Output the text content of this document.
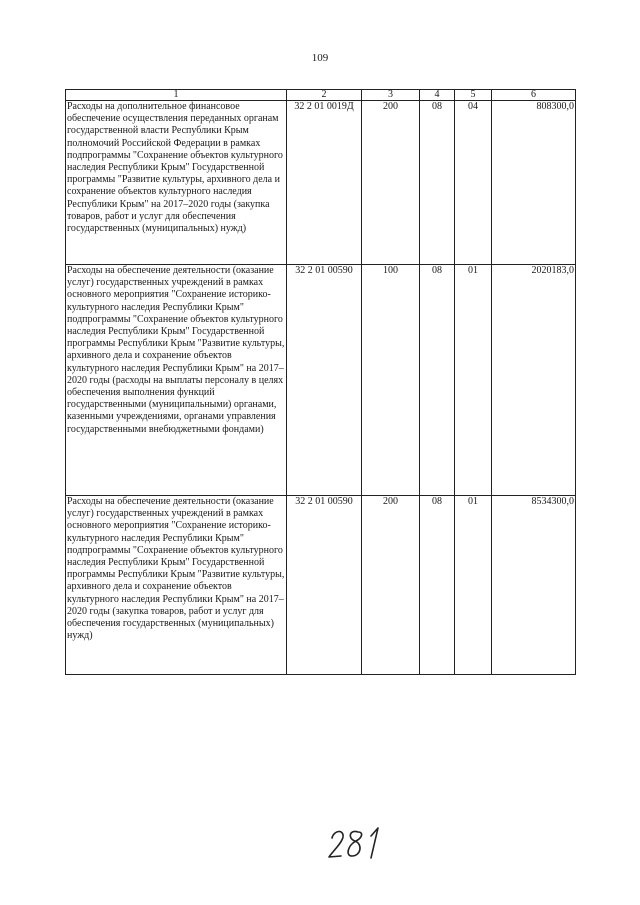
109
1	2	3	4	5	6
Расходы на дополнительное финансовое обеспечение осуществления переданных органам государственной власти Республики Крым полномочий Российской Федерации в рамках подпрограммы "Сохранение объектов культурного наследия Республики Крым" Государственной программы "Развитие культуры, архивного дела и сохранение объектов культурного наследия Республики Крым" на 2017–2020 годы (закупка товаров, работ и услуг для обеспечения государственных (муниципальных) нужд)	32 2 01 0019Д	200	08	04	808300,0
Расходы на обеспечение деятельности (оказание услуг) государственных учреждений в рамках основного мероприятия "Сохранение историко-культурного наследия Республики Крым" подпрограммы "Сохранение объектов культурного наследия Республики Крым" Государственной программы Республики Крым "Развитие культуры, архивного дела и сохранение объектов культурного наследия Республики Крым" на 2017–2020 годы (расходы на выплаты персоналу в целях обеспечения выполнения функций государственными (муниципальными) органами, казенными учреждениями, органами управления государственными внебюджетными фондами)	32 2 01 00590	100	08	01	2020183,0
Расходы на обеспечение деятельности (оказание услуг) государственных учреждений в рамках основного мероприятия "Сохранение историко-культурного наследия Республики Крым" подпрограммы "Сохранение объектов культурного наследия Республики Крым" Государственной программы Республики Крым "Развитие культуры, архивного дела и сохранение объектов культурного наследия Республики Крым" на 2017–2020 годы (закупка товаров, работ и услуг для обеспечения государственных (муниципальных) нужд)	32 2 01 00590	200	08	01	8534300,0
